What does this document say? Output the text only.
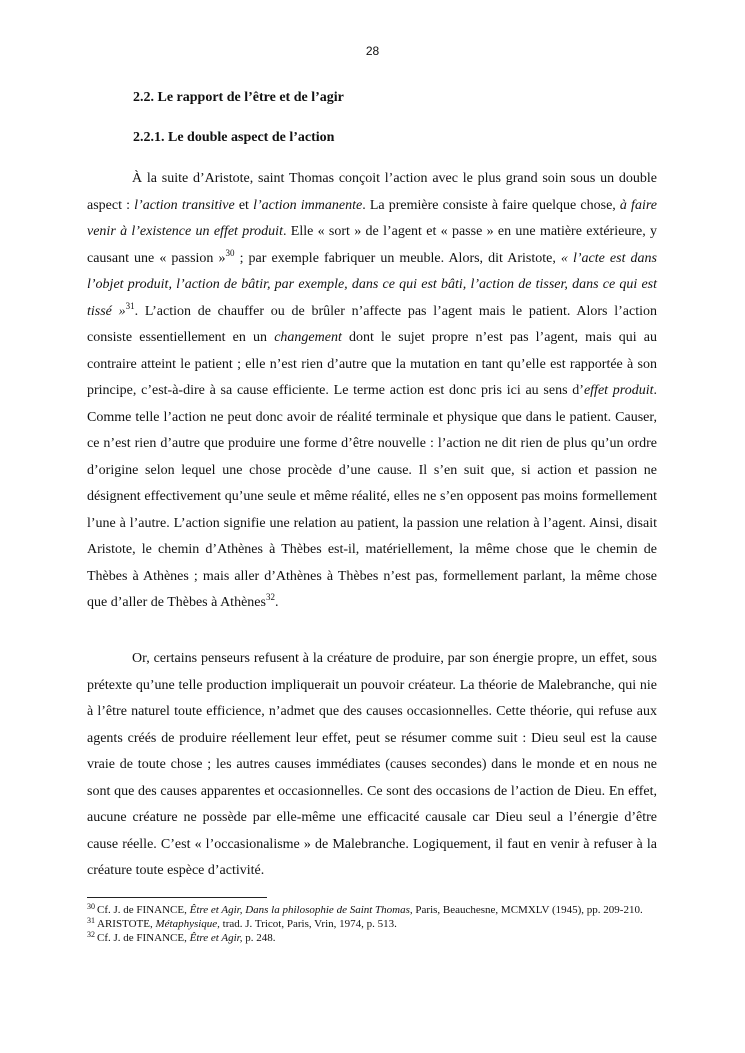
28
2.2. Le rapport de l’être et de l’agir
2.2.1. Le double aspect de l’action

À la suite d’Aristote, saint Thomas conçoit l’action avec le plus grand soin sous un double aspect : l’action transitive et l’action immanente. La première consiste à faire quelque chose, à faire venir à l’existence un effet produit. Elle « sort » de l’agent et « passe » en une matière extérieure, y causant une « passion »$^{30}$ ; par exemple fabriquer un meuble. Alors, dit Aristote, « l’acte est dans l’objet produit, l’action de bâtir, par exemple, dans ce qui est bâti, l’action de tisser, dans ce qui est tissé »$^{31}$. L’action de chauffer ou de brûler n’affecte pas l’agent mais le patient. Alors l’action consiste essentiellement en un changement dont le sujet propre n’est pas l’agent, mais qui au contraire atteint le patient ; elle n’est rien d’autre que la mutation en tant qu’elle est rapportée à son principe, c’est-à-dire à sa cause efficiente. Le terme action est donc pris ici au sens d’effet produit. Comme telle l’action ne peut donc avoir de réalité terminale et physique que dans le patient. Causer, ce n’est rien d’autre que produire une forme d’être nouvelle : l’action ne dit rien de plus qu’un ordre d’origine selon lequel une chose procède d’une cause. Il s’en suit que, si action et passion ne désignent effectivement qu’une seule et même réalité, elles ne s’en opposent pas moins formellement l’une à l’autre. L’action signifie une relation au patient, la passion une relation à l’agent. Ainsi, disait Aristote, le chemin d’Athènes à Thèbes est-il, matériellement, la même chose que le chemin de Thèbes à Athènes ; mais aller d’Athènes à Thèbes n’est pas, formellement parlant, la même chose que d’aller de Thèbes à Athènes$^{32}$.

Or, certains penseurs refusent à la créature de produire, par son énergie propre, un effet, sous prétexte qu’une telle production impliquerait un pouvoir créateur. La théorie de Malebranche, qui nie à l’être naturel toute efficience, n’admet que des causes occasionnelles. Cette théorie, qui refuse aux agents créés de produire réellement leur effet, peut se résumer comme suit : Dieu seul est la cause vraie de toute chose ; les autres causes immédiates (causes secondes) dans le monde et en nous ne sont que des causes apparentes et occasionnelles. Ce sont des occasions de l’action de Dieu. En effet, aucune créature ne possède par elle-même une efficacité causale car Dieu seul a l’énergie d’être cause réelle. C’est « l’occasionalisme » de Malebranche. Logiquement, il faut en venir à refuser à la créature toute espèce d’activité.

$^{30}$ Cf. J. de FINANCE, Être et Agir, Dans la philosophie de Saint Thomas, Paris, Beauchesne, MCMXLV (1945), pp. 209-210.

$^{31}$ ARISTOTE, Métaphysique, trad. J. Tricot, Paris, Vrin, 1974, p. 513.

$^{32}$ Cf. J. de FINANCE, Être et Agir, p. 248.
